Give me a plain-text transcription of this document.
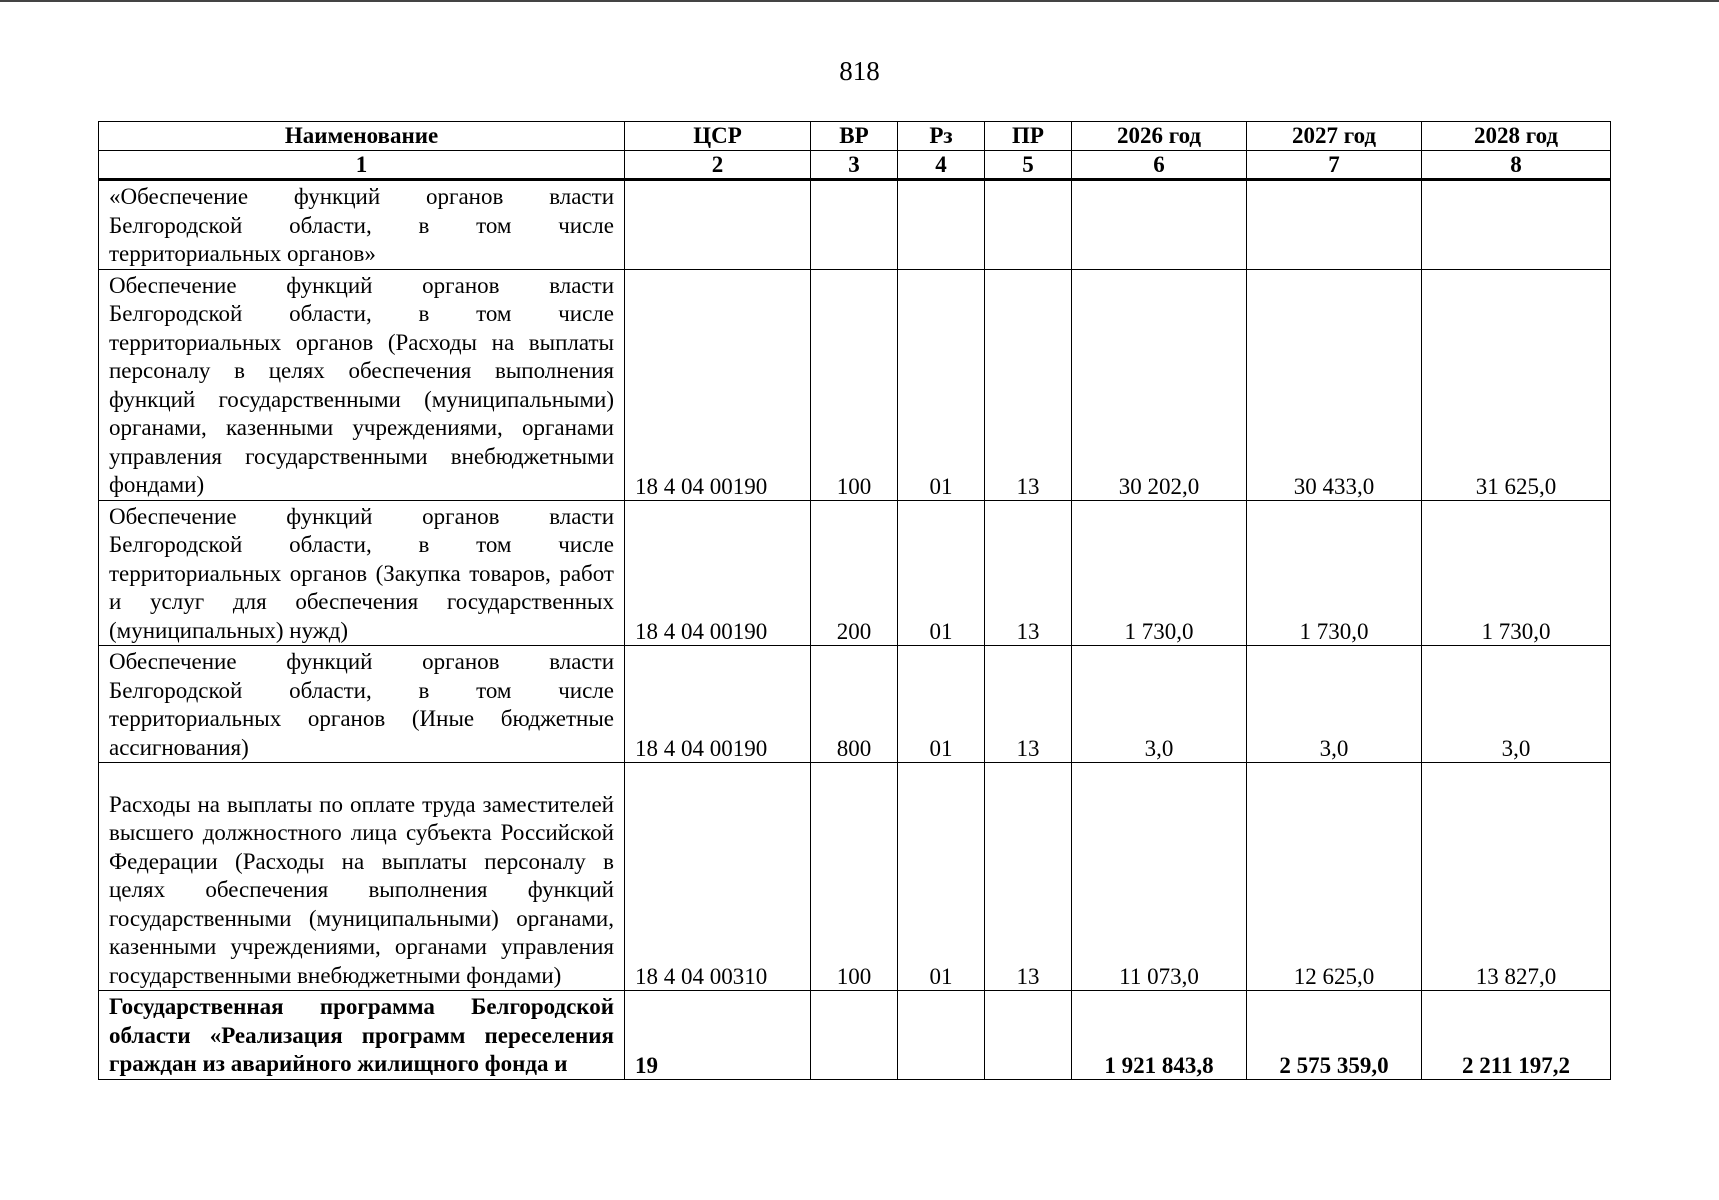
818
Наименование	ЦСР	ВР	Рз	ПР	2026 год	2027 год	2028 год
1	2	3	4	5	6	7	8
«Обеспечение функций органов власти Белгородской области, в том числе территориальных органов»							
Обеспечение функций органов власти Белгородской области, в том числе территориальных органов (Расходы на выплаты персоналу в целях обеспечения выполнения функций государственными (муниципальными) органами, казенными учреждениями, органами управления государственными внебюджетными фондами)	18 4 04 00190	100	01	13	30 202,0	30 433,0	31 625,0
Обеспечение функций органов власти Белгородской области, в том числе территориальных органов (Закупка товаров, работ и услуг для обеспечения государственных (муниципальных) нужд)	18 4 04 00190	200	01	13	1 730,0	1 730,0	1 730,0
Обеспечение функций органов власти Белгородской области, в том числе территориальных органов (Иные бюджетные ассигнования)	18 4 04 00190	800	01	13	3,0	3,0	3,0
Расходы на выплаты по оплате труда заместителей высшего должностного лица субъекта Российской Федерации (Расходы на выплаты персоналу в целях обеспечения выполнения функций государственными (муниципальными) органами, казенными учреждениями, органами управления государственными внебюджетными фондами)	18 4 04 00310	100	01	13	11 073,0	12 625,0	13 827,0
Государственная программа Белгородской области «Реализация программ переселения граждан из аварийного жилищного фонда и	19				1 921 843,8	2 575 359,0	2 211 197,2
